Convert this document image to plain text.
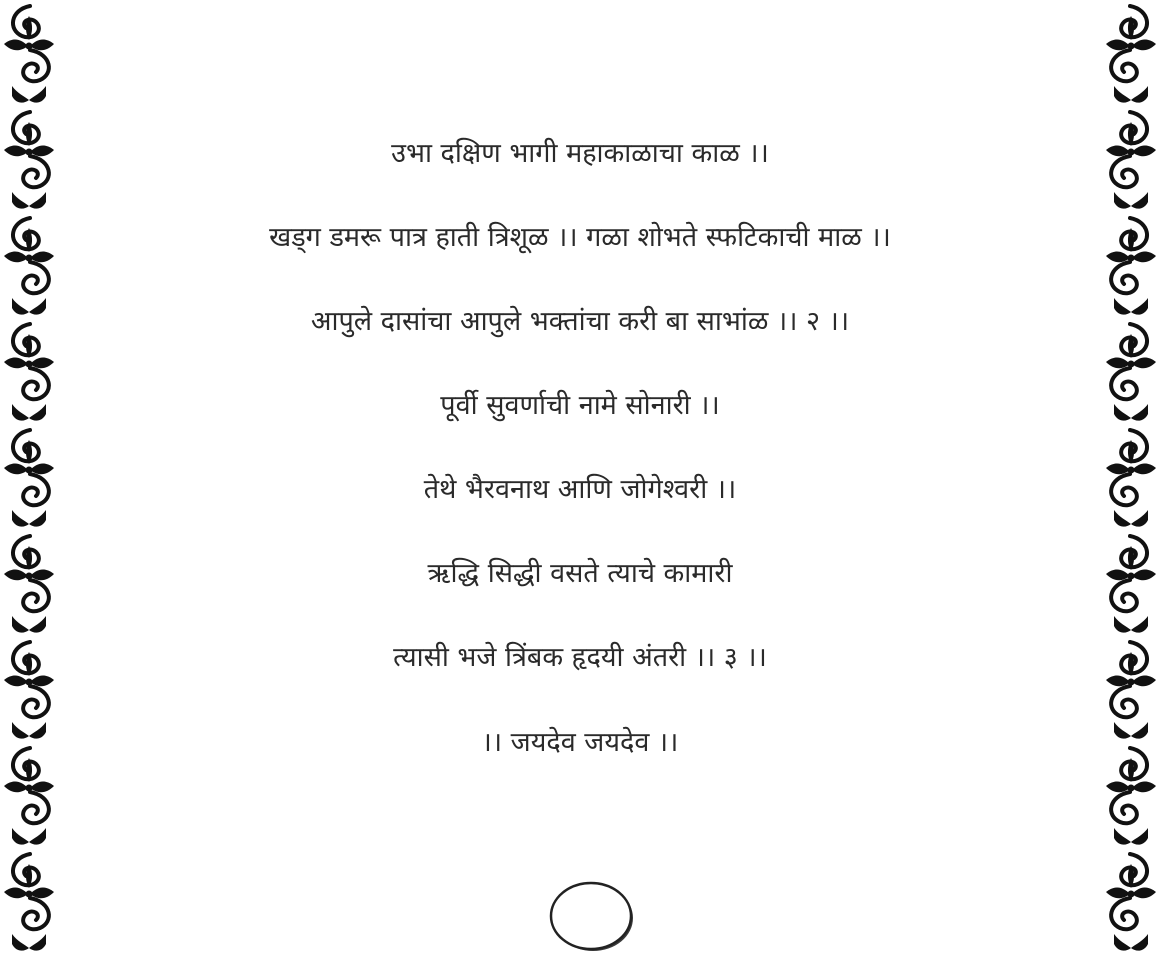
उभा दक्षिण भागी महाकाळाचा काळ ।।
खड्ग डमरू पात्र हाती त्रिशूळ ।। गळा शोभते स्फटिकाची माळ ।।
आपुले दासांचा आपुले भक्तांचा करी बा साभांळ ।। २ ।।
पूर्वी सुवर्णाची नामे सोनारी ।।
तेथे भैरवनाथ आणि जोगेश्वरी ।।
ऋद्धि सिद्धी वसते त्याचे कामारी
त्यासी भजे त्रिंबक हृदयी अंतरी ।। ३ ।।
।। जयदेव जयदेव ।।
